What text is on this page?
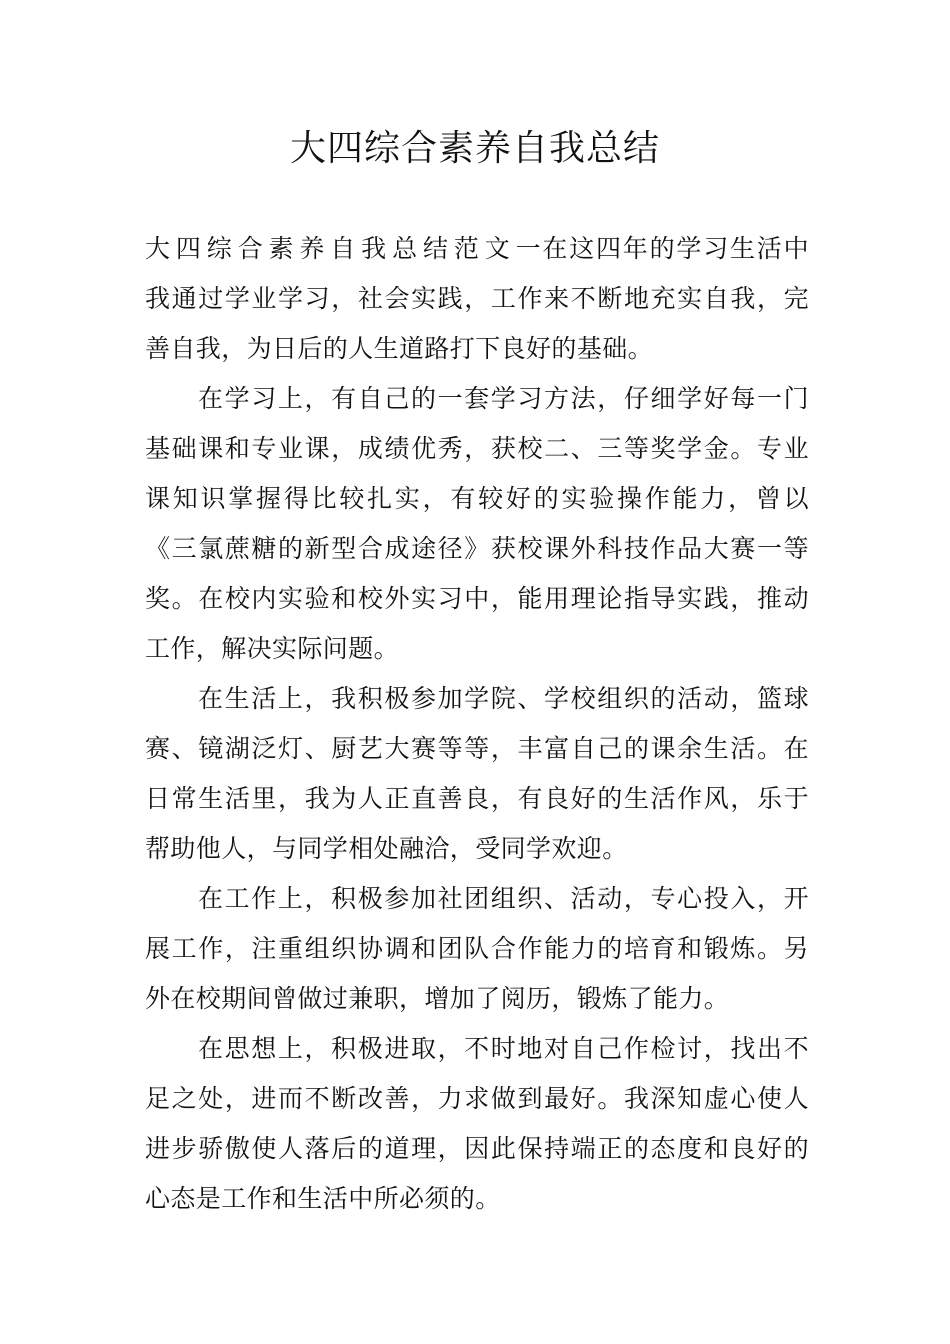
大四综合素养自我总结
大四综合素养自我总结范文一在这四年的学习生活中
我通过学业学习，社会实践，工作来不断地充实自我，完
善自我，为日后的人生道路打下良好的基础。
在学习上，有自己的一套学习方法，仔细学好每一门
基础课和专业课，成绩优秀，获校二、三等奖学金。专业
课知识掌握得比较扎实，有较好的实验操作能力，曾以
《三氯蔗糖的新型合成途径》获校课外科技作品大赛一等
奖。在校内实验和校外实习中，能用理论指导实践，推动
工作，解决实际问题。
在生活上，我积极参加学院、学校组织的活动，篮球
赛、镜湖泛灯、厨艺大赛等等，丰富自己的课余生活。在
日常生活里，我为人正直善良，有良好的生活作风，乐于
帮助他人，与同学相处融洽，受同学欢迎。
在工作上，积极参加社团组织、活动，专心投入，开
展工作，注重组织协调和团队合作能力的培育和锻炼。另
外在校期间曾做过兼职，增加了阅历，锻炼了能力。
在思想上，积极进取，不时地对自己作检讨，找出不
足之处，进而不断改善，力求做到最好。我深知虚心使人
进步骄傲使人落后的道理，因此保持端正的态度和良好的
心态是工作和生活中所必须的。
